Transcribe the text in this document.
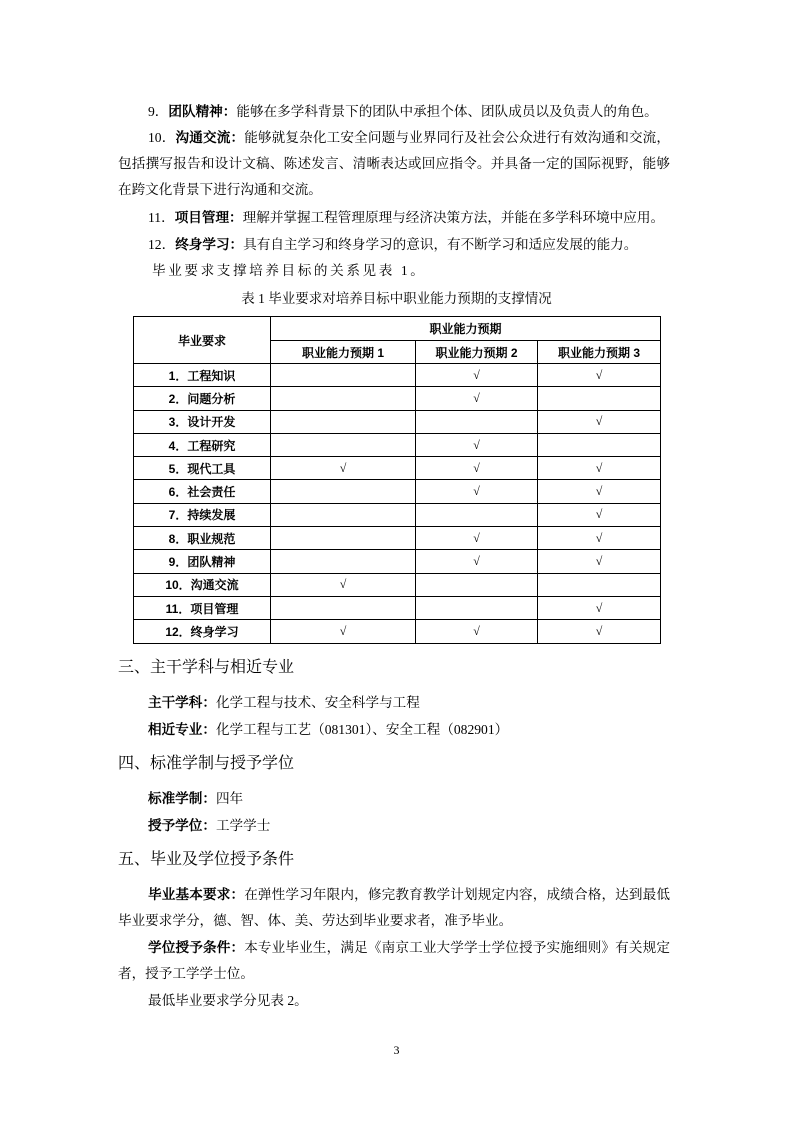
9．团队精神：能够在多学科背景下的团队中承担个体、团队成员以及负责人的角色。
10．沟通交流：能够就复杂化工安全问题与业界同行及社会公众进行有效沟通和交流，
包括撰写报告和设计文稿、陈述发言、清晰表达或回应指令。并具备一定的国际视野，能够
在跨文化背景下进行沟通和交流。
11．项目管理：理解并掌握工程管理原理与经济决策方法，并能在多学科环境中应用。
12．终身学习：具有自主学习和终身学习的意识，有不断学习和适应发展的能力。
毕业要求支撑培养目标的关系见表 1。
表 1 毕业要求对培养目标中职业能力预期的支撑情况
毕业要求	职业能力预期		
	职业能力预期 1	职业能力预期 2	职业能力预期 3
1．工程知识		√	√
2．问题分析		√	
3．设计开发			√
4．工程研究		√	
5．现代工具	√	√	√
6．社会责任		√	√
7．持续发展			√
8．职业规范		√	√
9．团队精神		√	√
10．沟通交流	√		
11．项目管理			√
12．终身学习	√	√	√
三、主干学科与相近专业
主干学科：化学工程与技术、安全科学与工程
相近专业：化学工程与工艺（081301）、安全工程（082901）
四、标准学制与授予学位
标准学制：四年
授予学位：工学学士
五、毕业及学位授予条件
毕业基本要求：在弹性学习年限内，修完教育教学计划规定内容，成绩合格，达到最低
毕业要求学分，德、智、体、美、劳达到毕业要求者，准予毕业。
学位授予条件：本专业毕业生，满足《南京工业大学学士学位授予实施细则》有关规定
者，授予工学学士位。
最低毕业要求学分见表 2。
3
